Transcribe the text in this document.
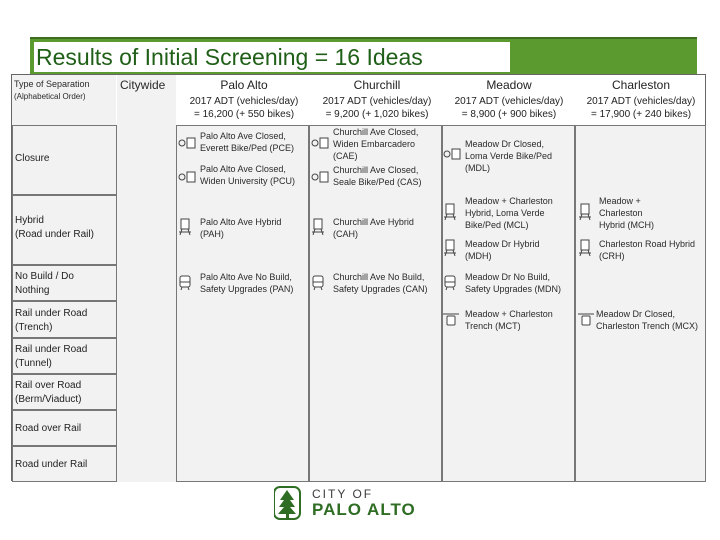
Results of Initial Screening = 16 Ideas
Type of Separation
(Alphabetical Order)
Citywide	Palo Alto
2017 ADT (vehicles/day)
= 16,200 (+ 550 bikes)
Churchill
2017 ADT (vehicles/day)
= 9,200 (+ 1,020 bikes)
Meadow
2017 ADT (vehicles/day)
= 8,900 (+ 900 bikes)
Charleston
2017 ADT (vehicles/day)
= 17,900 (+ 240 bikes)
Closure
Hybrid
(Road under Rail)
No Build / Do
Nothing
Rail under Road
(Trench)
Rail under Road
(Tunnel)
Rail over Road
(Berm/Viaduct)
Road over Rail
Road under Rail
Palo Alto Ave Closed,
Everett Bike/Ped (PCE)
Palo Alto Ave Closed,
Widen University (PCU)
Churchill Ave Closed,
Widen Embarcadero
(CAE)
Churchill Ave Closed,
Seale Bike/Ped (CAS)
Meadow Dr Closed,
Loma Verde Bike/Ped
(MDL)
Palo Alto Ave Hybrid
(PAH)
Churchill Ave Hybrid
(CAH)
Meadow + Charleston
Hybrid, Loma Verde
Bike/Ped (MCL)
Meadow Dr Hybrid
(MDH)
Meadow +
Charleston
Hybrid (MCH)
Charleston Road Hybrid
(CRH)
Palo Alto Ave No Build,
Safety Upgrades (PAN)
Churchill Ave No Build,
Safety Upgrades (CAN)
Meadow Dr No Build,
Safety Upgrades (MDN)
Meadow + Charleston
Trench (MCT)
Meadow Dr Closed,
Charleston Trench (MCX)
CITY OF
PALO ALTO
